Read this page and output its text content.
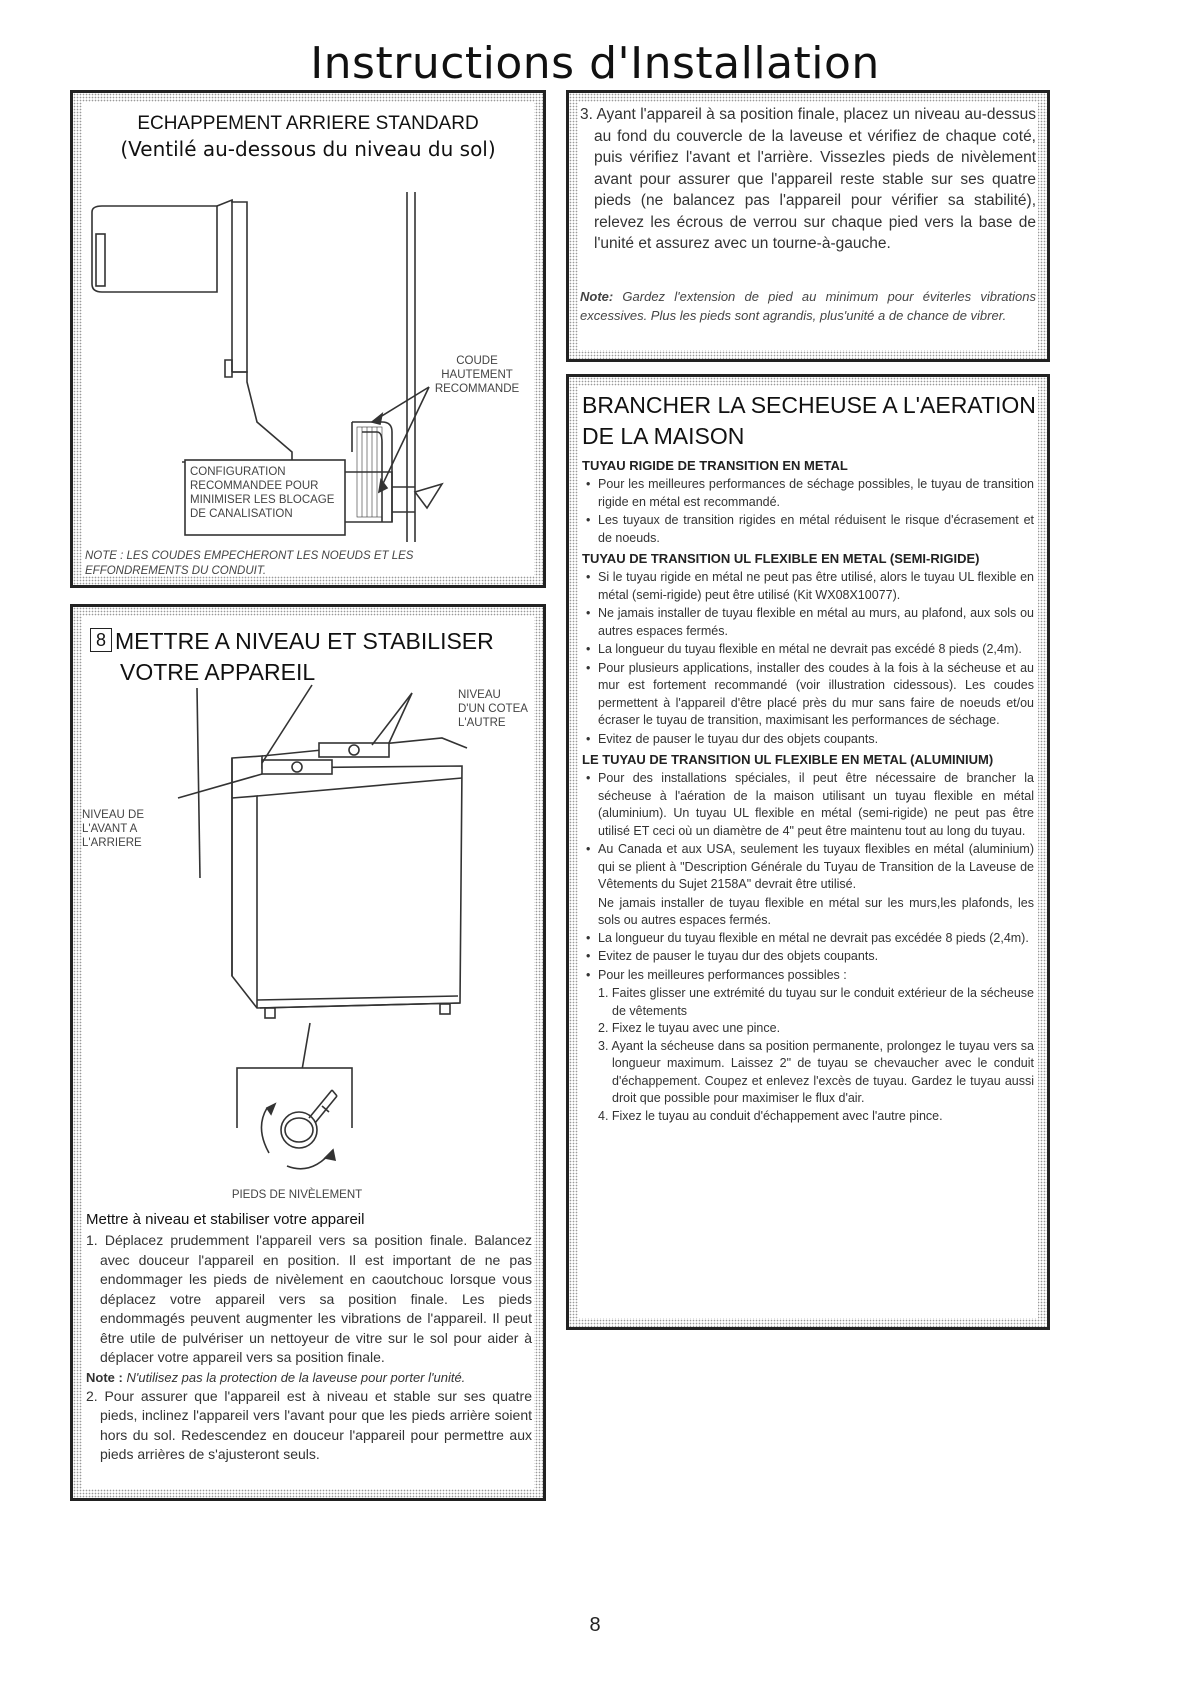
Instructions d'Installation

ECHAPPEMENT ARRIERE STANDARD

(Ventilé au-dessous du niveau du sol)

COUDE
HAUTEMENT
RECOMMANDE
CONFIGURATION
RECOMMANDEE POUR
MINIMISER LES BLOCAGE
DE CANALISATION
NOTE : LES COUDES EMPECHERONT LES NOEUDS ET LES EFFONDREMENTS DU CONDUIT.
8 METTRE A NIVEAU ET STABILISER
VOTRE APPAREIL
NIVEAU
D'UN COTEA
L'AUTRE
NIVEAU DE
L'AVANT A
L'ARRIERE
PIEDS DE NIVÈLEMENT
Mettre à niveau et stabiliser votre appareil
1. Déplacez prudemment l'appareil vers sa position finale. Balancez avec douceur l'appareil en position. Il est important de ne pas endommager les pieds de nivèlement en caoutchouc lorsque vous déplacez votre appareil vers sa position finale. Les pieds endommagés peuvent augmenter les vibrations de l'appareil. Il peut être utile de pulvériser un nettoyeur de vitre sur le sol pour aider à déplacer votre appareil vers sa position finale.
Note : N'utilisez pas la protection de la laveuse pour porter l'unité.
2. Pour assurer que l'appareil est à niveau et stable sur ses quatre pieds, inclinez l'appareil vers l'avant pour que les pieds arrière soient hors du sol. Redescendez en douceur l'appareil pour permettre aux pieds arrières de s'ajusteront seuls.
3. Ayant l'appareil à sa position finale, placez un niveau au-dessus au fond du couvercle de la laveuse et vérifiez de chaque coté, puis vérifiez l'avant et l'arrière. Vissezles pieds de nivèlement avant pour assurer que l'appareil reste stable sur ses quatre pieds (ne balancez pas l'appareil pour vérifier sa stabilité), relevez les écrous de verrou sur chaque pied vers la base de l'unité et assurez avec un tourne-à-gauche.
Note: Gardez l'extension de pied au minimum pour éviterles vibrations excessives. Plus les pieds sont agrandis, plus'unité a de chance de vibrer.
BRANCHER LA SECHEUSE A L'AERATION
DE LA MAISON
TUYAU RIGIDE DE TRANSITION EN METAL
• Pour les meilleures performances de séchage possibles, le tuyau de transition rigide en métal est recommandé.
• Les tuyaux de transition rigides en métal réduisent le risque d'écrasement et de noeuds.
TUYAU DE TRANSITION UL FLEXIBLE EN METAL (SEMI-RIGIDE)
• Si le tuyau rigide en métal ne peut pas être utilisé, alors le tuyau UL flexible en métal (semi-rigide) peut être utilisé (Kit WX08X10077).
• Ne jamais installer de tuyau flexible en métal au murs, au plafond, aux sols ou autres espaces fermés.
• La longueur du tuyau flexible en métal ne devrait pas excédé 8 pieds (2,4m).
• Pour plusieurs applications, installer des coudes à la fois à la sécheuse et au mur est fortement recommandé (voir illustration cidessous). Les coudes permettent à l'appareil d'être placé près du mur sans faire de noeuds et/ou écraser le tuyau de transition, maximisant les performances de séchage.
• Evitez de pauser le tuyau dur des objets coupants.
LE TUYAU DE TRANSITION UL FLEXIBLE EN METAL (ALUMINIUM)
• Pour des installations spéciales, il peut être nécessaire de brancher la sécheuse à l'aération de la maison utilisant un tuyau flexible en métal (aluminium). Un tuyau UL flexible en métal (semi-rigide) ne peut pas être utilisé ET ceci où un diamètre de 4" peut être maintenu tout au long du tuyau.
• Au Canada et aux USA, seulement les tuyaux flexibles en métal (aluminium) qui se plient à "Description Générale du Tuyau de Transition de la Laveuse de Vêtements du Sujet 2158A" devrait être utilisé.
Ne jamais installer de tuyau flexible en métal sur les murs,les plafonds, les sols ou autres espaces fermés.
• La longueur du tuyau flexible en métal ne devrait pas excédée 8 pieds (2,4m).
• Evitez de pauser le tuyau dur des objets coupants.
• Pour les meilleures performances possibles :
1. Faites glisser une extrémité du tuyau sur le conduit extérieur de la sécheuse de vêtements
2. Fixez le tuyau avec une pince.
3. Ayant la sécheuse dans sa position permanente, prolongez le tuyau vers sa longueur maximum. Laissez 2" de tuyau se chevaucher avec le conduit d'échappement. Coupez et enlevez l'excès de tuyau. Gardez le tuyau aussi droit que possible pour maximiser le flux d'air.
4. Fixez le tuyau au conduit d'échappement avec l'autre pince.
8
